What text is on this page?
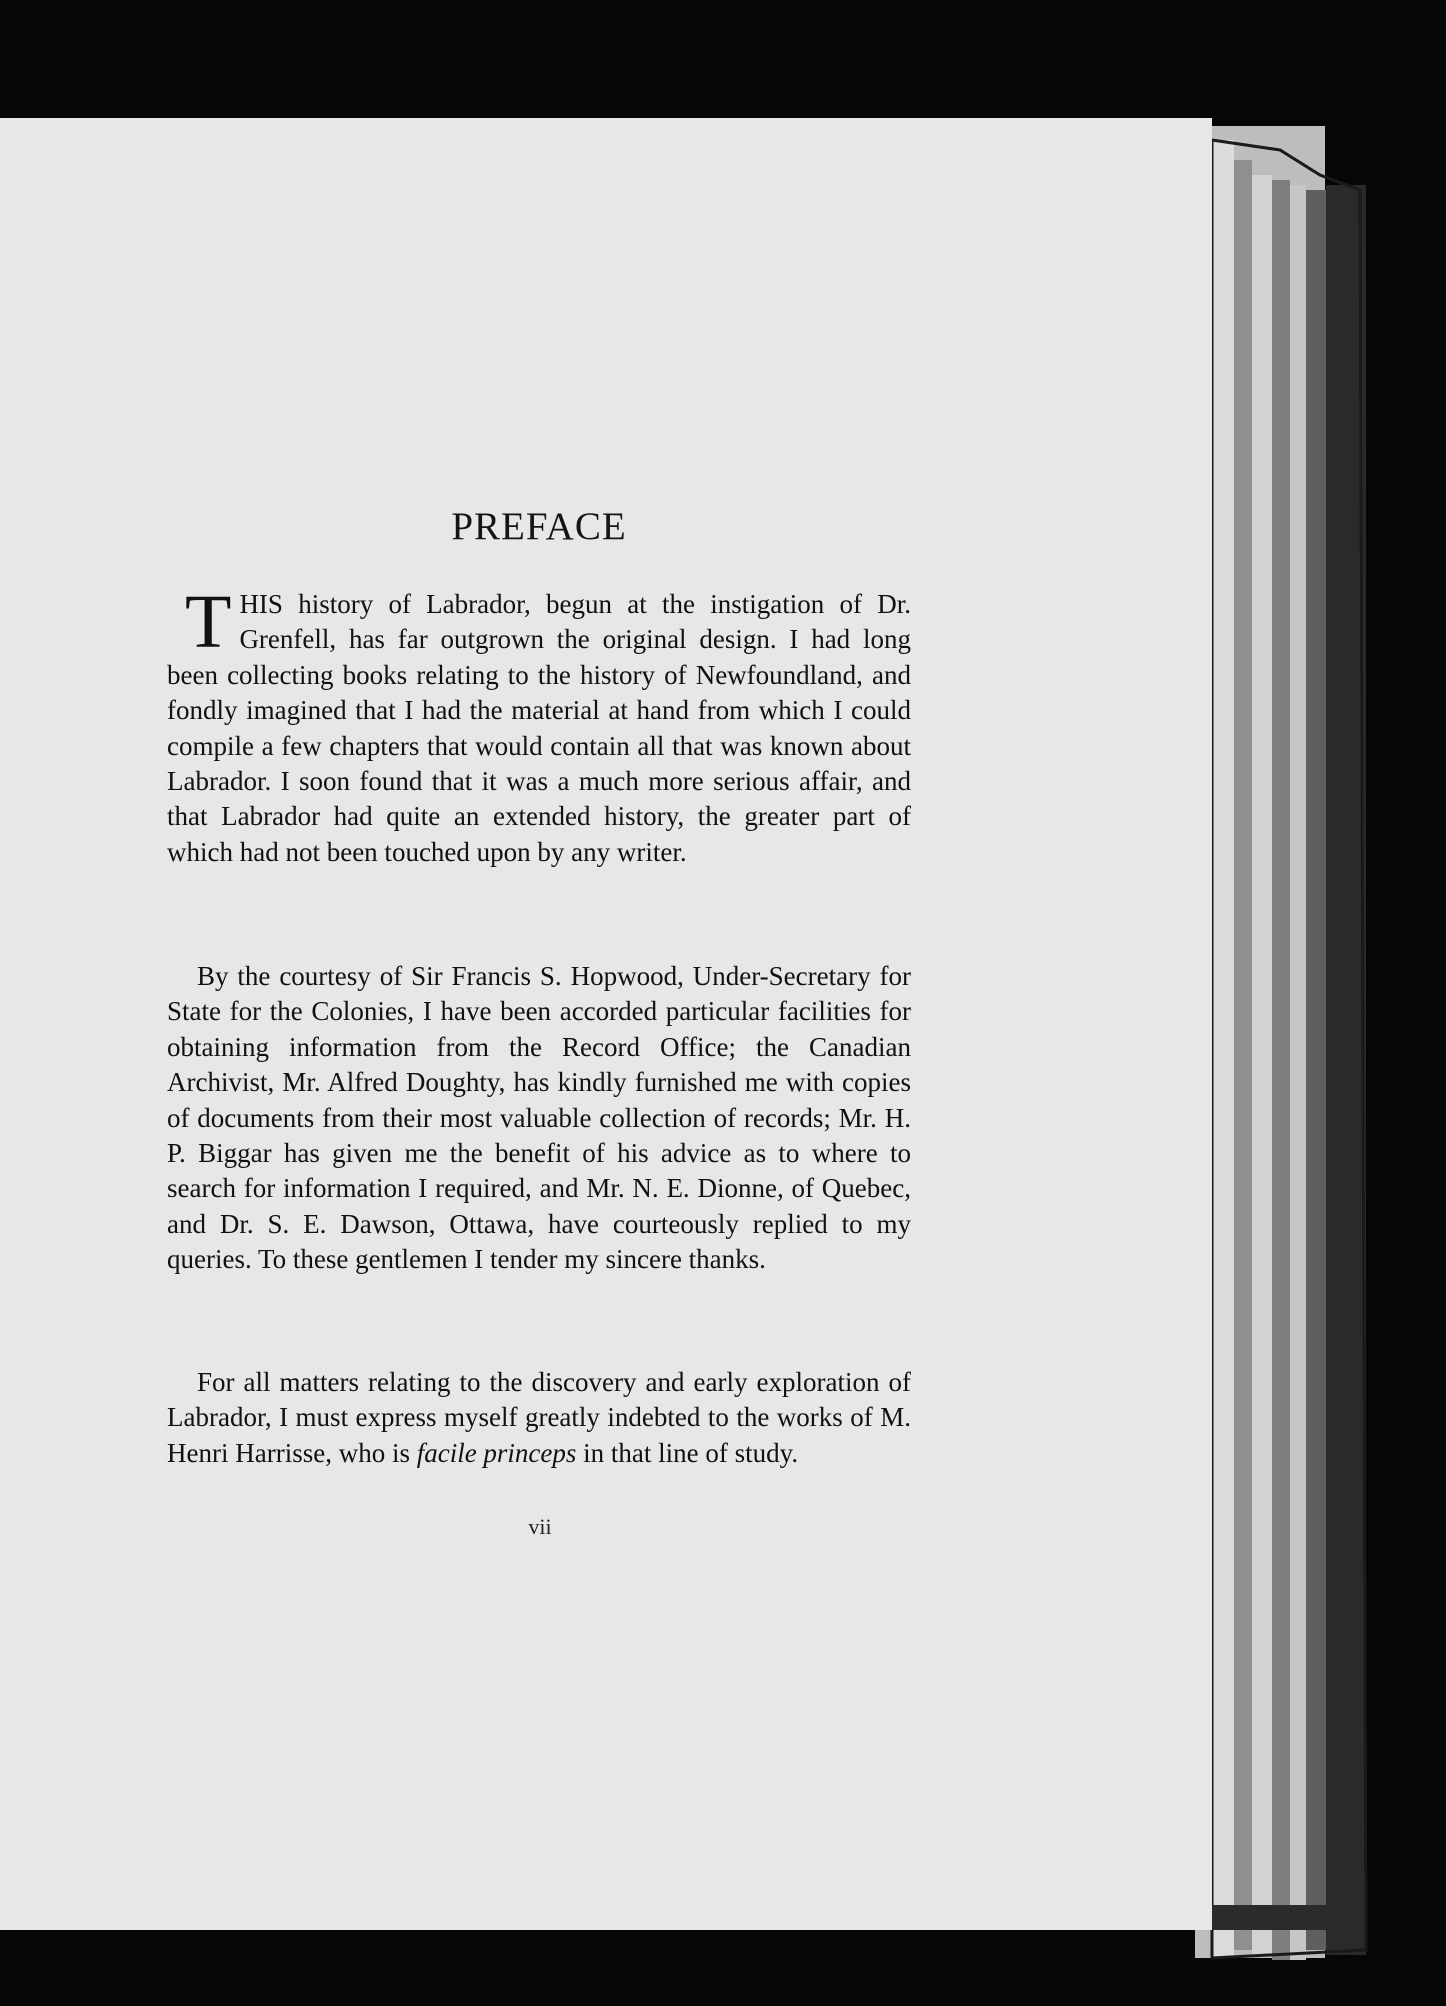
PREFACE

THIS history of Labrador, begun at the instigation of Dr. Grenfell, has far outgrown the original design. I had long been collecting books relating to the history of Newfoundland, and fondly imagined that I had the material at hand from which I could compile a few chapters that would contain all that was known about Labrador. I soon found that it was a much more serious affair, and that Labrador had quite an extended history, the greater part of which had not been touched upon by any writer.

By the courtesy of Sir Francis S. Hopwood, Under-Secretary for State for the Colonies, I have been accorded particular facilities for obtaining information from the Record Office; the Canadian Archivist, Mr. Alfred Doughty, has kindly furnished me with copies of documents from their most valuable collection of records; Mr. H. P. Biggar has given me the benefit of his advice as to where to search for information I required, and Mr. N. E. Dionne, of Quebec, and Dr. S. E. Dawson, Ottawa, have courteously replied to my queries. To these gentlemen I tender my sincere thanks.

For all matters relating to the discovery and early exploration of Labrador, I must express myself greatly indebted to the works of M. Henri Harrisse, who is facile princeps in that line of study.

vii
